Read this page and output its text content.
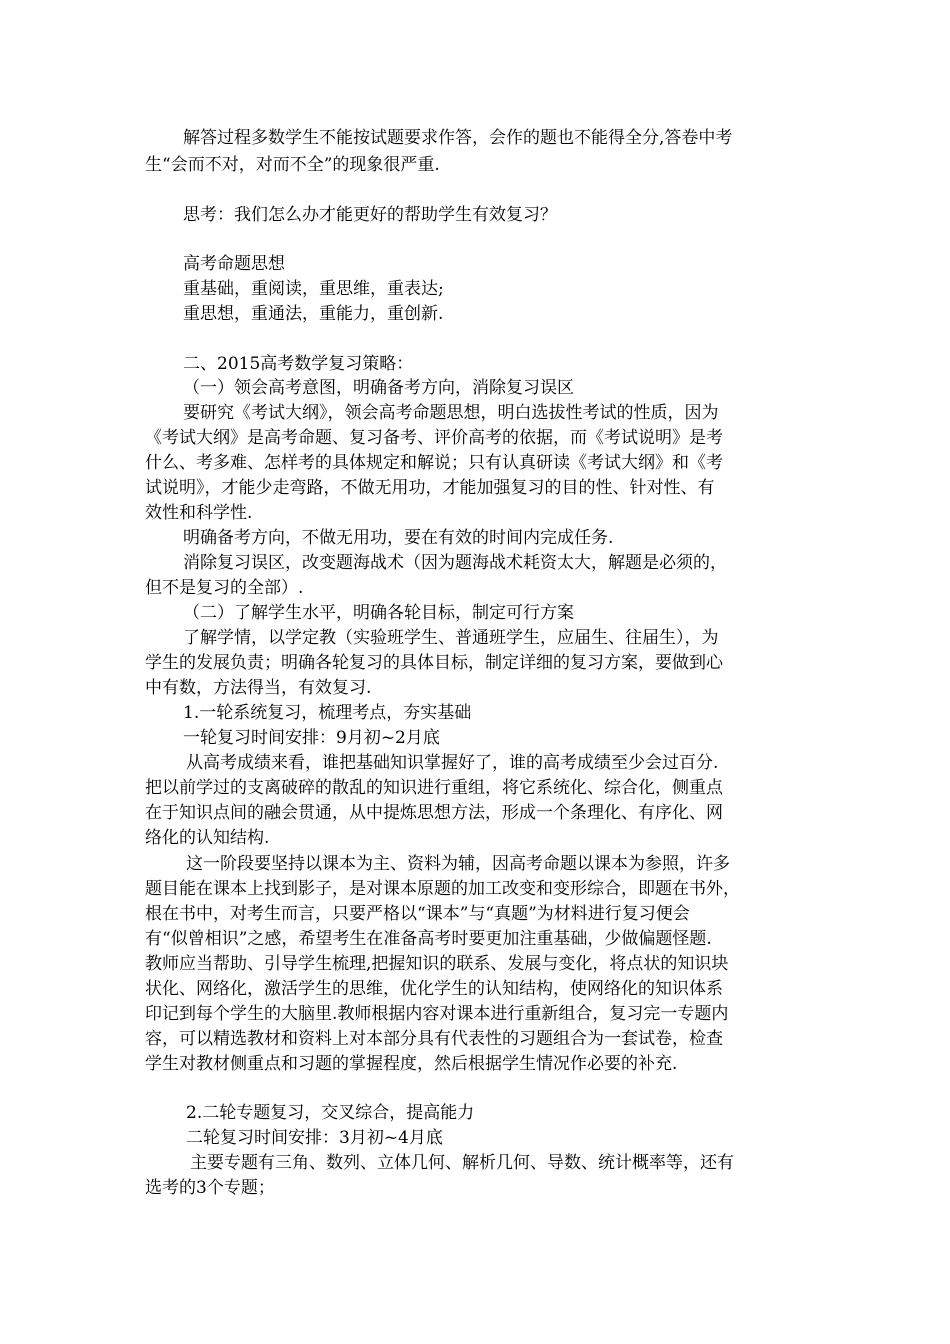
解答过程多数学生不能按试题要求作答，会作的题也不能得全分,答卷中考
生“会而不对，对而不全”的现象很严重.
思考：我们怎么办才能更好的帮助学生有效复习？
高考命题思想
重基础，重阅读，重思维，重表达;
重思想，重通法，重能力，重创新.
二、2015高考数学复习策略：
（一）领会高考意图，明确备考方向，消除复习误区
要研究《考试大纲》，领会高考命题思想，明白选拔性考试的性质，因为
《考试大纲》是高考命题、复习备考、评价高考的依据，而《考试说明》是考
什么、考多难、怎样考的具体规定和解说；只有认真研读《考试大纲》和《考
试说明》，才能少走弯路，不做无用功，才能加强复习的目的性、针对性、有
效性和科学性.
明确备考方向，不做无用功，要在有效的时间内完成任务.
消除复习误区，改变题海战术（因为题海战术耗资太大，解题是必须的，
但不是复习的全部）.
（二）了解学生水平，明确各轮目标，制定可行方案
了解学情，以学定教（实验班学生、普通班学生，应届生、往届生），为
学生的发展负责；明确各轮复习的具体目标，制定详细的复习方案，要做到心
中有数，方法得当，有效复习.
1.一轮系统复习，梳理考点，夯实基础
一轮复习时间安排：9月初~2月底
从高考成绩来看，谁把基础知识掌握好了，谁的高考成绩至少会过百分.
把以前学过的支离破碎的散乱的知识进行重组，将它系统化、综合化，侧重点
在于知识点间的融会贯通，从中提炼思想方法，形成一个条理化、有序化、网
络化的认知结构.
这一阶段要坚持以课本为主、资料为辅，因高考命题以课本为参照，许多
题目能在课本上找到影子，是对课本原题的加工改变和变形综合，即题在书外，
根在书中，对考生而言，只要严格以“课本”与“真题”为材料进行复习便会
有“似曾相识”之感，希望考生在准备高考时要更加注重基础，少做偏题怪题.
教师应当帮助、引导学生梳理,把握知识的联系、发展与变化，将点状的知识块
状化、网络化，激活学生的思维，优化学生的认知结构，使网络化的知识体系
印记到每个学生的大脑里.教师根据内容对课本进行重新组合，复习完一专题内
容，可以精选教材和资料上对本部分具有代表性的习题组合为一套试卷，检查
学生对教材侧重点和习题的掌握程度，然后根据学生情况作必要的补充.
2.二轮专题复习，交叉综合，提高能力
二轮复习时间安排：3月初~4月底
主要专题有三角、数列、立体几何、解析几何、导数、统计概率等，还有
选考的3个专题；
